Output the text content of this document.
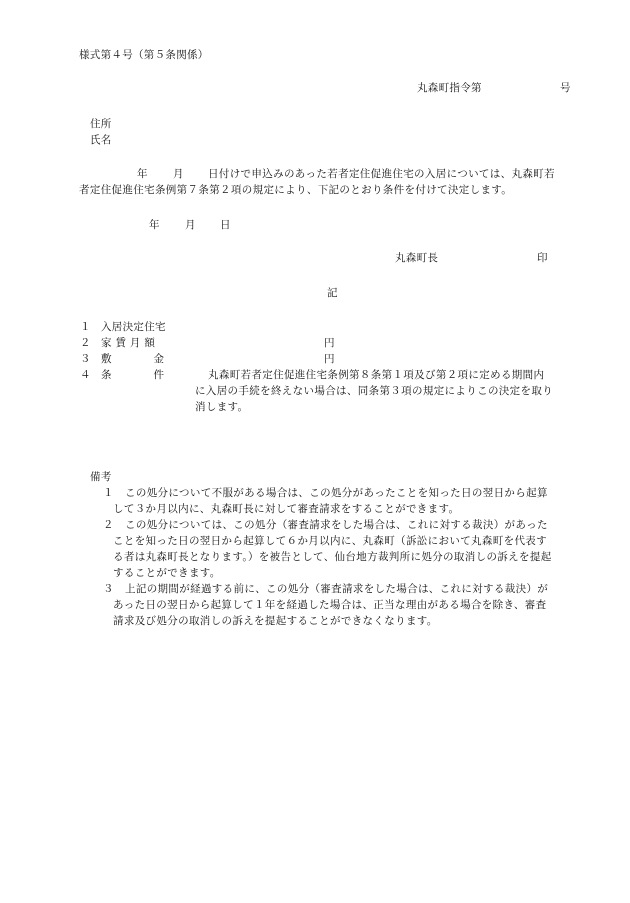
様式第４号（第５条関係）
丸森町指令第	号
住所
氏名
年 月 日付けで申込みのあった若者定住促進住宅の入居については、丸森町若
者定住促進住宅条例第７条第２項の規定により、下記のとおり条件を付けて決定します。
年 月 日
丸森町長	印
記
１ 入居決定住宅
２ 家 賃 月 額	円
３ 敷　　　　金	円
４ 条　　　　件	丸森町若者定住促進住宅条例第８条第１項及び第２項に定める期間内
に入居の手続を終えない場合は、同条第３項の規定によりこの決定を取り
消します。
備考
１ この処分について不服がある場合は、この処分があったことを知った日の翌日から起算
して３か月以内に、丸森町長に対して審査請求をすることができます。
２ この処分については、この処分（審査請求をした場合は、これに対する裁決）があった
ことを知った日の翌日から起算して６か月以内に、丸森町（訴訟において丸森町を代表す
る者は丸森町長となります。）を被告として、仙台地方裁判所に処分の取消しの訴えを提起
することができます。
３ 上記の期間が経過する前に、この処分（審査請求をした場合は、これに対する裁決）が
あった日の翌日から起算して１年を経過した場合は、正当な理由がある場合を除き、審査
請求及び処分の取消しの訴えを提起することができなくなります。
